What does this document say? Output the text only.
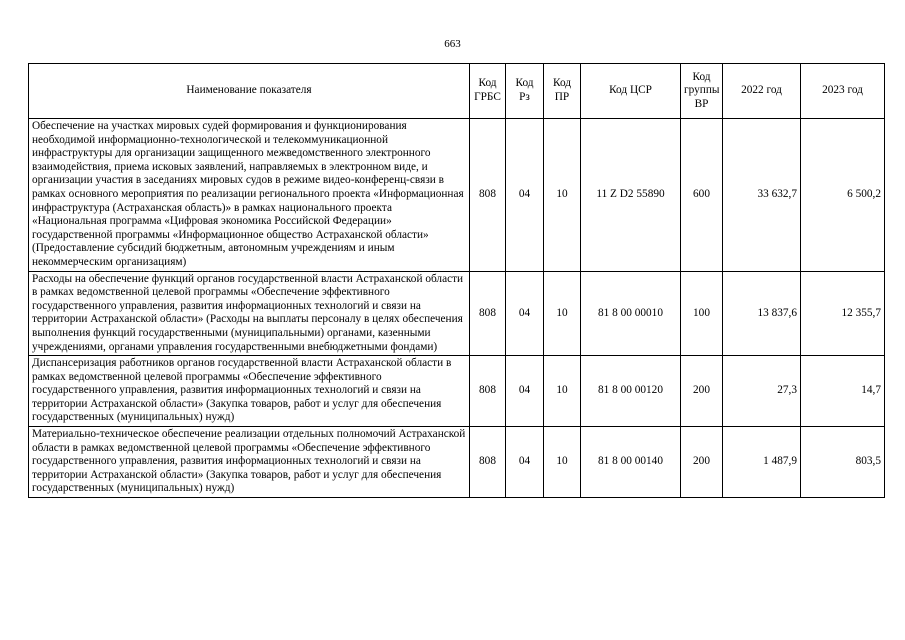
663
Наименование показателя	Код ГРБС	Код Рз	Код ПР	Код ЦСР	Код группы ВР	2022 год	2023 год
Обеспечение на участках мировых судей формирования и функционирования необходимой информационно-технологической и телекоммуникационной инфраструктуры для организации защищенного межведомственного электронного взаимодействия, приема исковых заявлений, направляемых в электронном виде, и организации участия в заседаниях мировых судов в режиме видео-конференц-связи в рамках основного мероприятия по реализации регионального проекта «Информационная инфраструктура (Астраханская область)» в рамках национального проекта «Национальная программа «Цифровая экономика Российской Федерации» государственной программы «Информационное общество Астраханской области» (Предоставление субсидий бюджетным, автономным учреждениям и иным некоммерческим организациям)	808	04	10	11 Z D2 55890	600	33 632,7	6 500,2
Расходы на обеспечение функций органов государственной власти Астраханской области в рамках ведомственной целевой программы «Обеспечение эффективного государственного управления, развития информационных технологий и связи на территории Астраханской области» (Расходы на выплаты персоналу в целях обеспечения выполнения функций государственными (муниципальными) органами, казенными учреждениями, органами управления государственными внебюджетными фондами)	808	04	10	81 8 00 00010	100	13 837,6	12 355,7
Диспансеризация работников органов государственной власти Астраханской области в рамках ведомственной целевой программы «Обеспечение эффективного государственного управления, развития информационных технологий и связи на территории Астраханской области» (Закупка товаров, работ и услуг для обеспечения государственных (муниципальных) нужд)	808	04	10	81 8 00 00120	200	27,3	14,7
Материально-техническое обеспечение реализации отдельных полномочий Астраханской области в рамках ведомственной целевой программы «Обеспечение эффективного государственного управления, развития информационных технологий и связи на территории Астраханской области» (Закупка товаров, работ и услуг для обеспечения государственных (муниципальных) нужд)	808	04	10	81 8 00 00140	200	1 487,9	803,5
